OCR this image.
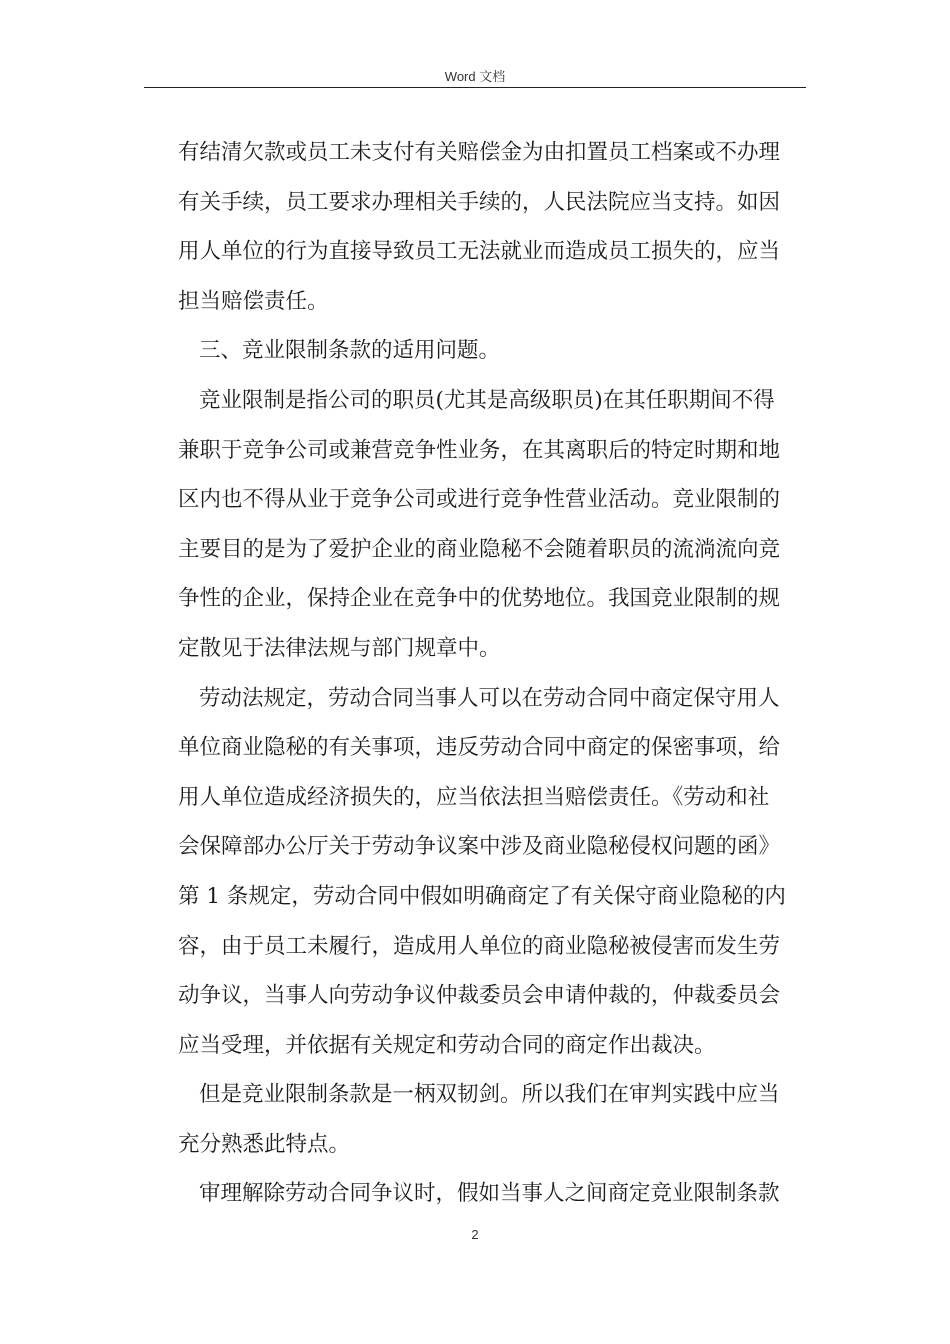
Word 文档
有结清欠款或员工未支付有关赔偿金为由扣置员工档案或不办理
有关手续，员工要求办理相关手续的，人民法院应当支持。如因
用人单位的行为直接导致员工无法就业而造成员工损失的，应当
担当赔偿责任。
三、竞业限制条款的适用问题。
竞业限制是指公司的职员(尤其是高级职员)在其任职期间不得
兼职于竞争公司或兼营竞争性业务，在其离职后的特定时期和地
区内也不得从业于竞争公司或进行竞争性营业活动。竞业限制的
主要目的是为了爱护企业的商业隐秘不会随着职员的流淌流向竞
争性的企业，保持企业在竞争中的优势地位。我国竞业限制的规
定散见于法律法规与部门规章中。
劳动法规定，劳动合同当事人可以在劳动合同中商定保守用人
单位商业隐秘的有关事项，违反劳动合同中商定的保密事项，给
用人单位造成经济损失的，应当依法担当赔偿责任。《劳动和社
会保障部办公厅关于劳动争议案中涉及商业隐秘侵权问题的函》
第 1 条规定，劳动合同中假如明确商定了有关保守商业隐秘的内
容，由于员工未履行，造成用人单位的商业隐秘被侵害而发生劳
动争议，当事人向劳动争议仲裁委员会申请仲裁的，仲裁委员会
应当受理，并依据有关规定和劳动合同的商定作出裁决。
但是竞业限制条款是一柄双韧剑。所以我们在审判实践中应当
充分熟悉此特点。
审理解除劳动合同争议时，假如当事人之间商定竞业限制条款
2
